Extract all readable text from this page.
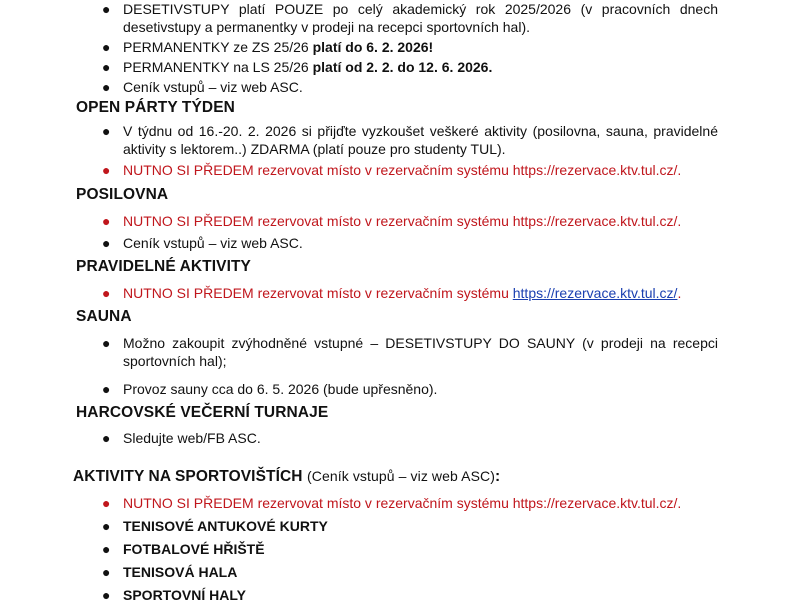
● DESETIVSTUPY platí POUZE po celý akademický rok 2025/2026 (v pracovních dnech desetivstupy a permanentky v prodeji na recepci sportovních hal).
● PERMANENTKY ze ZS 25/26 platí do 6. 2. 2026!
● PERMANENTKY na LS 25/26 platí od 2. 2. do 12. 6. 2026.
● Ceník vstupů – viz web ASC.
OPEN PÁRTY TÝDEN
● V týdnu od 16.-20. 2. 2026 si přijďte vyzkoušet veškeré aktivity (posilovna, sauna, pravidelné aktivity s lektorem..) ZDARMA (platí pouze pro studenty TUL).
● NUTNO SI PŘEDEM rezervovat místo v rezervačním systému https://rezervace.ktv.tul.cz/.
POSILOVNA
● NUTNO SI PŘEDEM rezervovat místo v rezervačním systému https://rezervace.ktv.tul.cz/.
● Ceník vstupů – viz web ASC.
PRAVIDELNÉ AKTIVITY
● NUTNO SI PŘEDEM rezervovat místo v rezervačním systému https://rezervace.ktv.tul.cz/.
SAUNA
● Možno zakoupit zvýhodněné vstupné – DESETIVSTUPY DO SAUNY (v prodeji na recepci sportovních hal);
● Provoz sauny cca do 6. 5. 2026 (bude upřesněno).
HARCOVSKÉ VEČERNÍ TURNAJE
● Sledujte web/FB ASC.
AKTIVITY NA SPORTOVIŠTÍCH (Ceník vstupů – viz web ASC):
● NUTNO SI PŘEDEM rezervovat místo v rezervačním systému https://rezervace.ktv.tul.cz/.
● TENISOVÉ ANTUKOVÉ KURTY
● FOTBALOVÉ HŘIŠTĚ
● TENISOVÁ HALA
● SPORTOVNÍ HALY
